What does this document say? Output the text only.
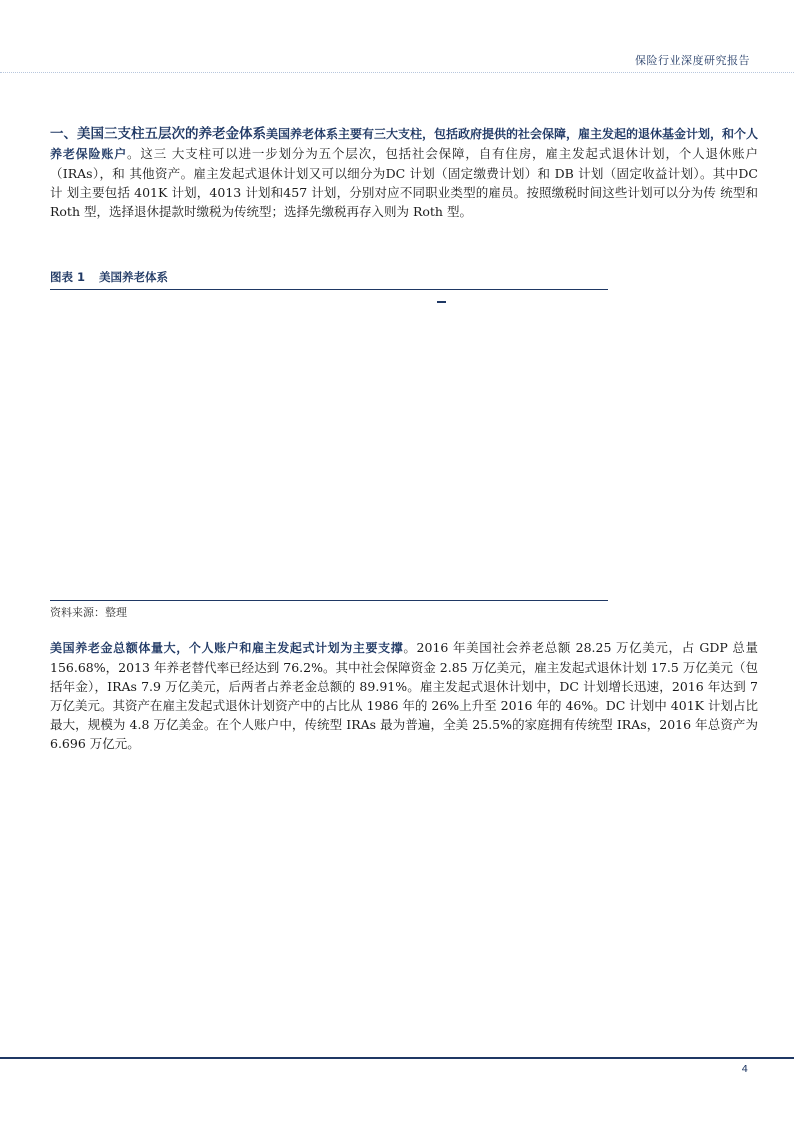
保险行业深度研究报告
一、美国三支柱五层次的养老金体系美国养老体系主要有三大支柱，包括政府提供的社会保障，雇主发起的退休基金计划，和个人养老保险账户。这三 大支柱可以进一步划分为五个层次，包括社会保障，自有住房，雇主发起式退休计划，个人退休账户（IRAs），和 其他资产。雇主发起式退休计划又可以细分为DC 计划（固定缴费计划）和 DB 计划（固定收益计划）。其中DC 计 划主要包括 401K 计划，4013 计划和457 计划，分别对应不同职业类型的雇员。按照缴税时间这些计划可以分为传 统型和 Roth 型，选择退休提款时缴税为传统型；选择先缴税再存入则为 Roth 型。
图表 1 美国养老体系
资料来源：整理
美国养老金总额体量大，个人账户和雇主发起式计划为主要支撑。2016 年美国社会养老总额 28.25 万亿美元，占 GDP 总量 156.68%，2013 年养老替代率已经达到 76.2%。其中社会保障资金 2.85 万亿美元，雇主发起式退休计划 17.5 万亿美元（包括年金），IRAs 7.9 万亿美元，后两者占养老金总额的 89.91%。雇主发起式退休计划中，DC 计划增长迅速，2016 年达到 7 万亿美元。其资产在雇主发起式退休计划资产中的占比从 1986 年的 26%上升至 2016 年的 46%。DC 计划中 401K 计划占比最大，规模为 4.8 万亿美金。在个人账户中，传统型 IRAs 最为普遍，全美 25.5%的家庭拥有传统型 IRAs，2016 年总资产为6.696 万亿元。
4
